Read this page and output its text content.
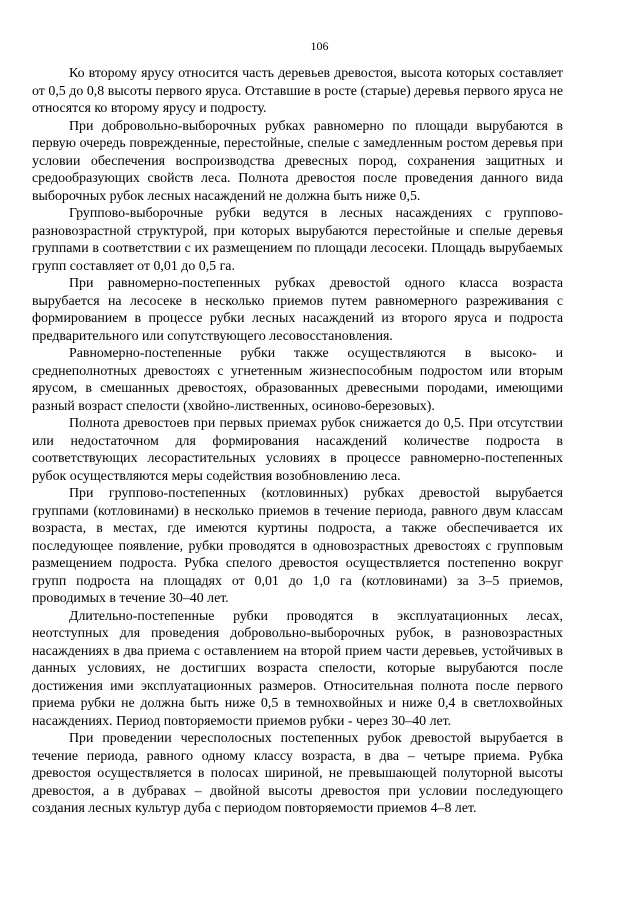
106

Ко второму ярусу относится часть деревьев древостоя, высота которых составляет от 0,5 до 0,8 высоты первого яруса. Отставшие в росте (старые) деревья первого яруса не относятся ко второму ярусу и подросту.

При добровольно-выборочных рубках равномерно по площади вырубаются в первую очередь поврежденные, перестойные, спелые с замедленным ростом деревья при условии обеспечения воспроизводства древесных пород, сохранения защитных и средообразующих свойств леса. Полнота древостоя после проведения данного вида выборочных рубок лесных насаждений не должна быть ниже 0,5.

Группово-выборочные рубки ведутся в лесных насаждениях с группово-разновозрастной структурой, при которых вырубаются перестойные и спелые деревья группами в соответствии с их размещением по площади лесосеки. Площадь вырубаемых групп составляет от 0,01 до 0,5 га.

При равномерно-постепенных рубках древостой одного класса возраста вырубается на лесосеке в несколько приемов путем равномерного разреживания с формированием в процессе рубки лесных насаждений из второго яруса и подроста предварительного или сопутствующего лесовосстановления.

Равномерно-постепенные рубки также осуществляются в высоко- и среднеполнотных древостоях с угнетенным жизнеспособным подростом или вторым ярусом, в смешанных древостоях, образованных древесными породами, имеющими разный возраст спелости (хвойно-лиственных, осиново-березовых).

Полнота древостоев при первых приемах рубок снижается до 0,5. При отсутствии или недостаточном для формирования насаждений количестве подроста в соответствующих лесорастительных условиях в процессе равномерно-постепенных рубок осуществляются меры содействия возобновлению леса.

При группово-постепенных (котловинных) рубках древостой вырубается группами (котловинами) в несколько приемов в течение периода, равного двум классам возраста, в местах, где имеются куртины подроста, а также обеспечивается их последующее появление, рубки проводятся в одновозрастных древостоях с групповым размещением подроста. Рубка спелого древостоя осуществляется постепенно вокруг групп подроста на площадях от 0,01 до 1,0 га (котловинами) за 3–5 приемов, проводимых в течение 30–40 лет.

Длительно-постепенные рубки проводятся в эксплуатационных лесах, неотступных для проведения добровольно-выборочных рубок, в разновозрастных насаждениях в два приема с оставлением на второй прием части деревьев, устойчивых в данных условиях, не достигших возраста спелости, которые вырубаются после достижения ими эксплуатационных размеров. Относительная полнота после первого приема рубки не должна быть ниже 0,5 в темнохвойных и ниже 0,4 в светлохвойных насаждениях. Период повторяемости приемов рубки - через 30–40 лет.

При проведении чересполосных постепенных рубок древостой вырубается в течение периода, равного одному классу возраста, в два – четыре приема. Рубка древостоя осуществляется в полосах шириной, не превышающей полуторной высоты древостоя, а в дубравах – двойной высоты древостоя при условии последующего создания лесных культур дуба с периодом повторяемости приемов 4–8 лет.
